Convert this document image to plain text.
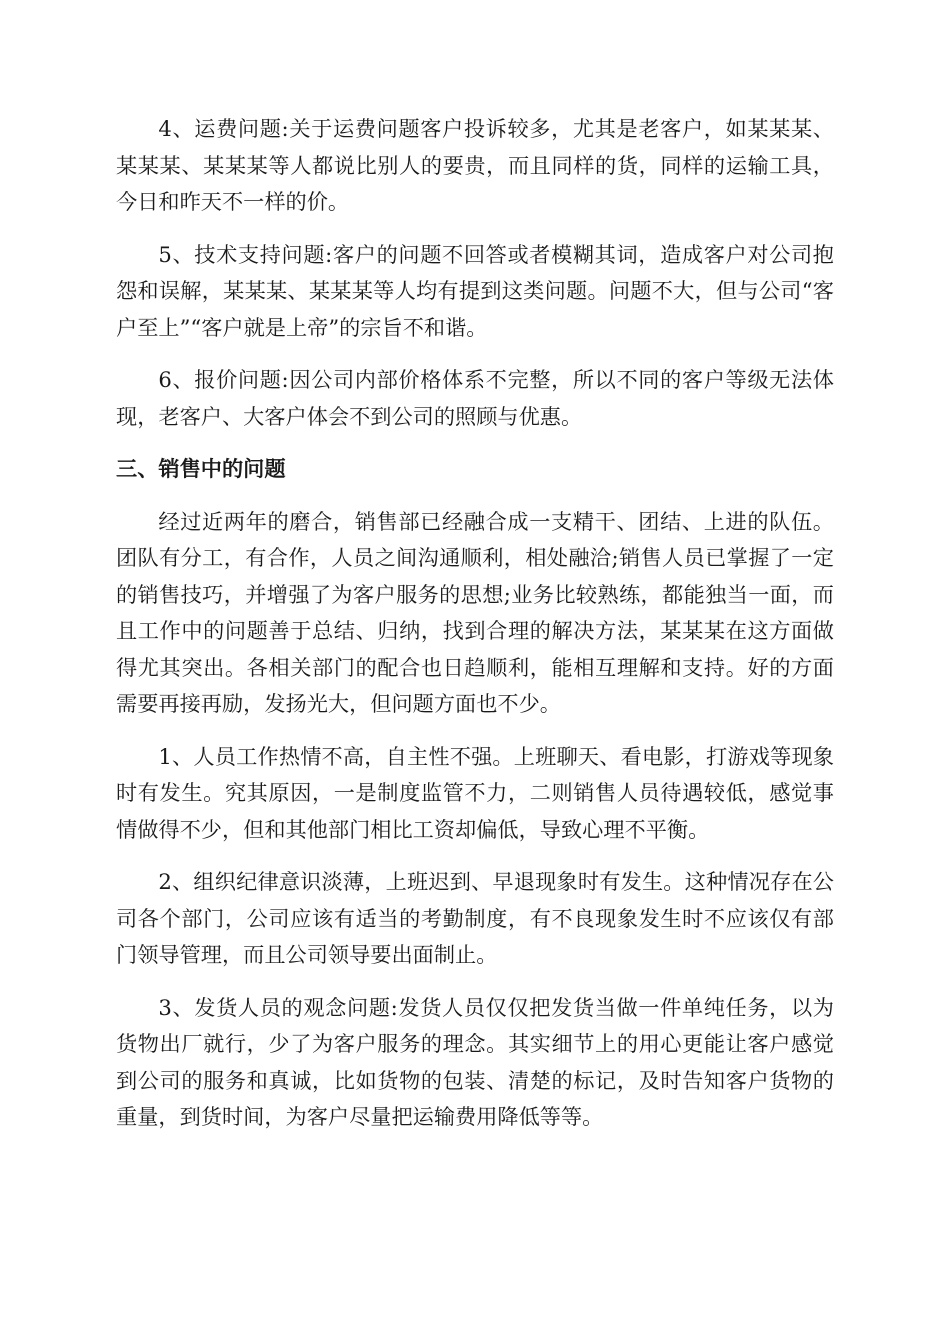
4、运费问题:关于运费问题客户投诉较多，尤其是老客户，如某某某、某某某、某某某等人都说比别人的要贵，而且同样的货，同样的运输工具，今日和昨天不一样的价。

5、技术支持问题:客户的问题不回答或者模糊其词，造成客户对公司抱怨和误解，某某某、某某某等人均有提到这类问题。问题不大，但与公司“客户至上”“客户就是上帝”的宗旨不和谐。

6、报价问题:因公司内部价格体系不完整，所以不同的客户等级无法体现，老客户、大客户体会不到公司的照顾与优惠。

三、销售中的问题

经过近两年的磨合，销售部已经融合成一支精干、团结、上进的队伍。团队有分工，有合作，人员之间沟通顺利，相处融洽;销售人员已掌握了一定的销售技巧，并增强了为客户服务的思想;业务比较熟练，都能独当一面，而且工作中的问题善于总结、归纳，找到合理的解决方法，某某某在这方面做得尤其突出。各相关部门的配合也日趋顺利，能相互理解和支持。好的方面需要再接再励，发扬光大，但问题方面也不少。

1、人员工作热情不高，自主性不强。上班聊天、看电影，打游戏等现象时有发生。究其原因，一是制度监管不力，二则销售人员待遇较低，感觉事情做得不少，但和其他部门相比工资却偏低，导致心理不平衡。

2、组织纪律意识淡薄，上班迟到、早退现象时有发生。这种情况存在公司各个部门，公司应该有适当的考勤制度，有不良现象发生时不应该仅有部门领导管理，而且公司领导要出面制止。

3、发货人员的观念问题:发货人员仅仅把发货当做一件单纯任务，以为货物出厂就行，少了为客户服务的理念。其实细节上的用心更能让客户感觉到公司的服务和真诚，比如货物的包装、清楚的标记，及时告知客户货物的重量，到货时间，为客户尽量把运输费用降低等等。
